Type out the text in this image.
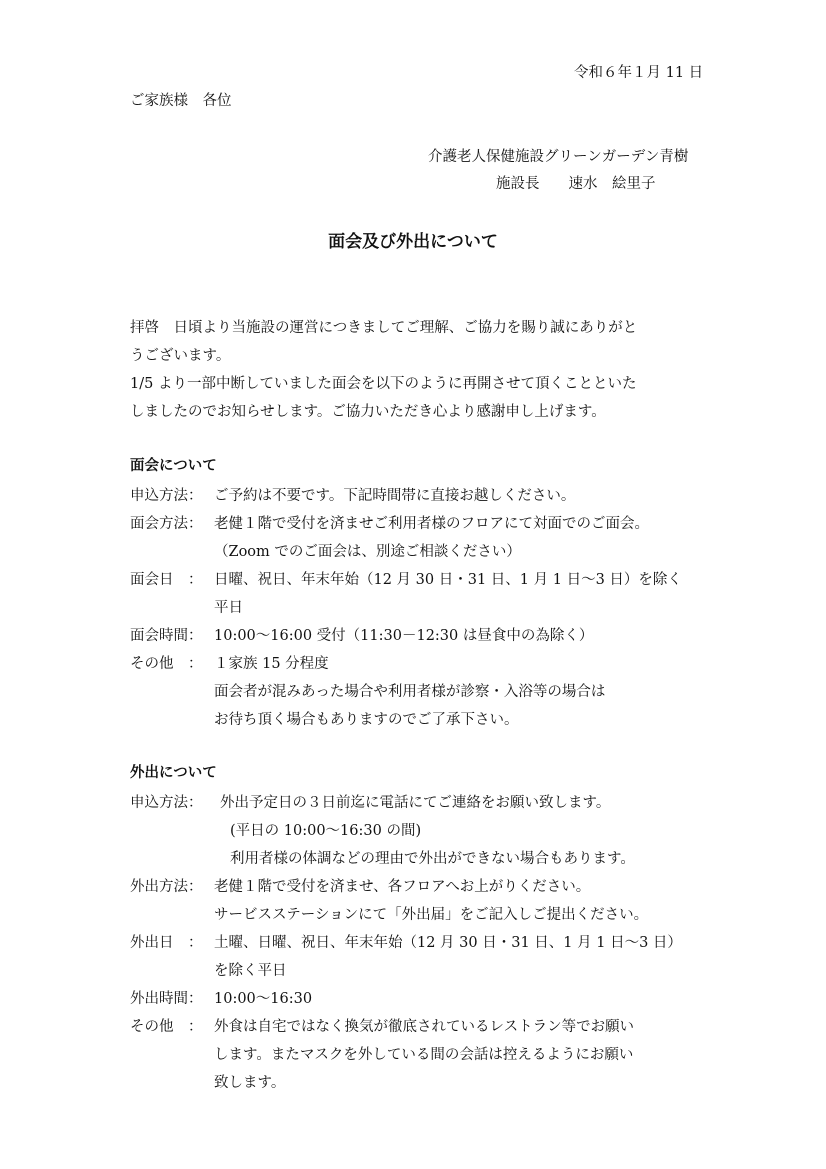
令和６年１月 11 日
ご家族様　各位
介護老人保健施設グリーンガーデン青樹
施設長　　速水　絵里子
面会及び外出について
拝啓　日頃より当施設の運営につきましてご理解、ご協力を賜り誠にありがと
うございます。
1/5 より一部中断していました面会を以下のように再開させて頂くことといた
しましたのでお知らせします。ご協力いただき心より感謝申し上げます。
面会について
申込方法： ご予約は不要です。下記時間帯に直接お越しください。
面会方法： 老健１階で受付を済ませご利用者様のフロアにて対面でのご面会。
（Zoom でのご面会は、別途ご相談ください）
面会日　： 日曜、祝日、年末年始（12 月 30 日・31 日、1 月 1 日〜3 日）を除く
平日
面会時間： 10:00〜16:00 受付（11:30－12:30 は昼食中の為除く）
その他　： １家族 15 分程度
面会者が混みあった場合や利用者様が診察・入浴等の場合は
お待ち頂く場合もありますのでご了承下さい。
外出について
申込方法： 外出予定日の３日前迄に電話にてご連絡をお願い致します。
(平日の 10:00〜16:30 の間)
利用者様の体調などの理由で外出ができない場合もあります。
外出方法： 老健１階で受付を済ませ、各フロアへお上がりください。
サービスステーションにて「外出届」をご記入しご提出ください。
外出日　： 土曜、日曜、祝日、年末年始（12 月 30 日・31 日、1 月 1 日〜3 日）
を除く平日
外出時間： 10:00〜16:30
その他　： 外食は自宅ではなく換気が徹底されているレストラン等でお願い
します。またマスクを外している間の会話は控えるようにお願い
致します。
